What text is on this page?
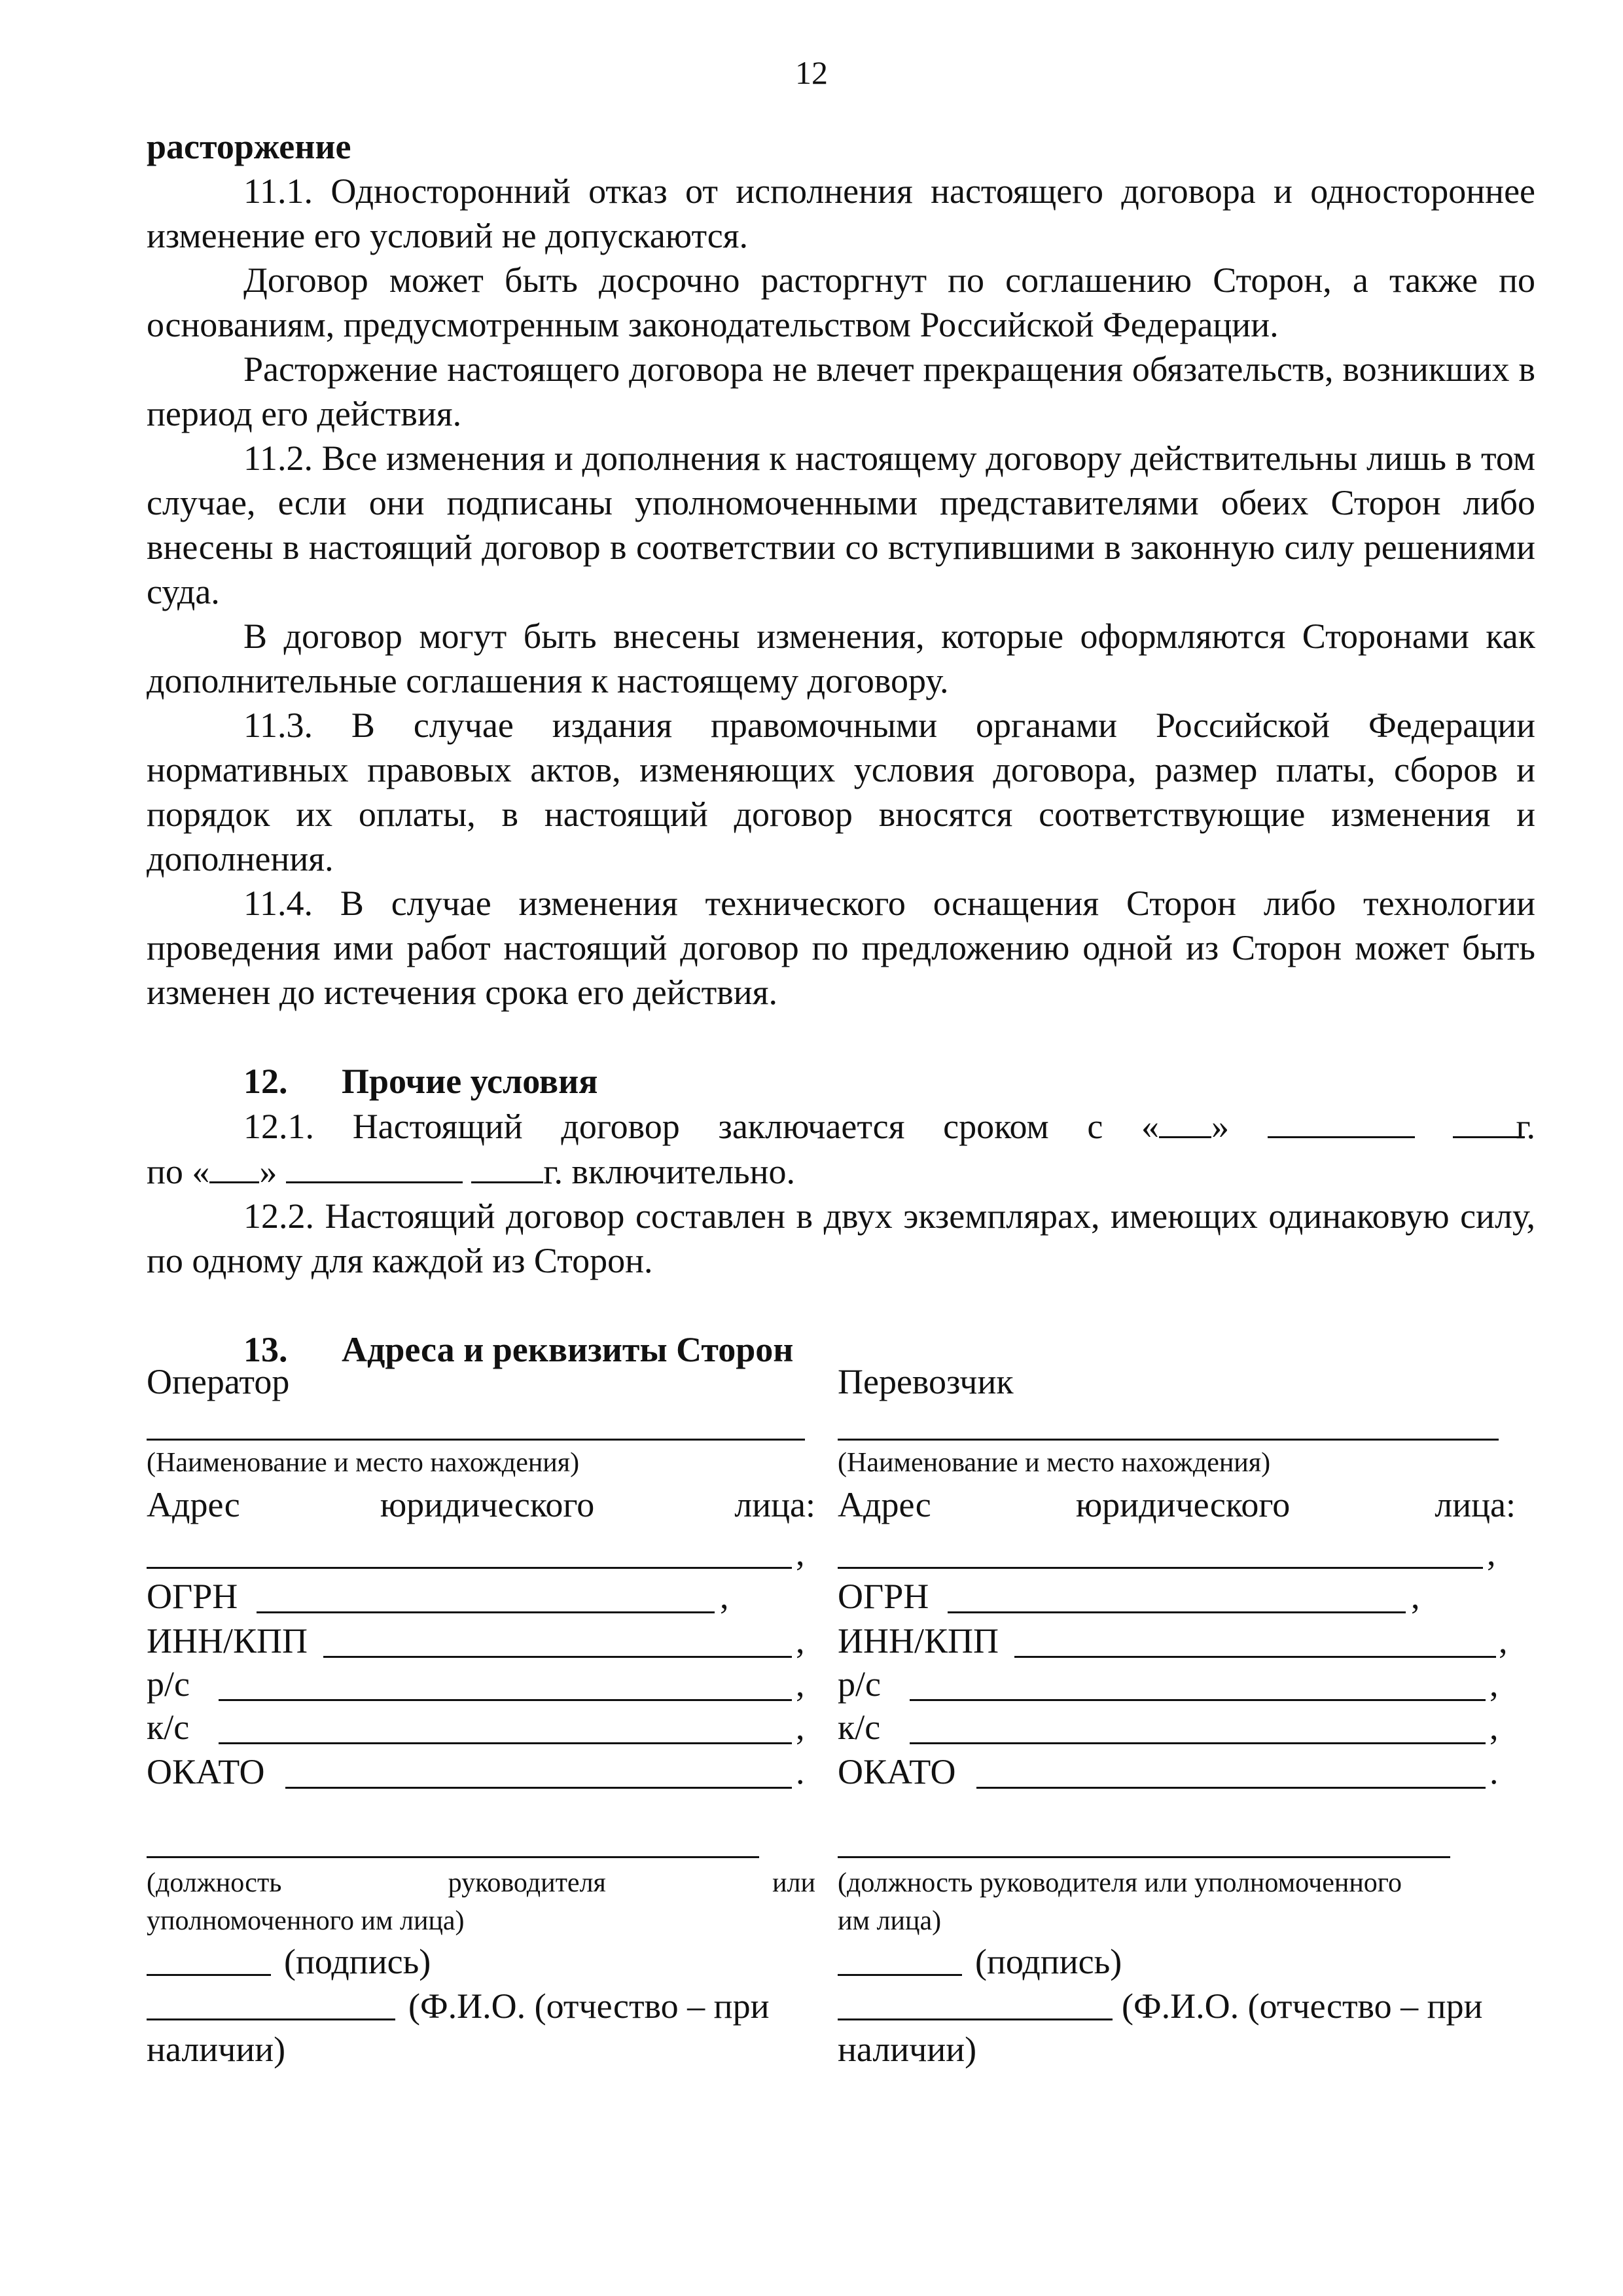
12

расторжение

11.1. Односторонний отказ от исполнения настоящего договора и одностороннее изменение его условий не допускаются.

Договор может быть досрочно расторгнут по соглашению Сторон, а также по основаниям, предусмотренным законодательством Российской Федерации.

Расторжение настоящего договора не влечет прекращения обязательств, возникших в период его действия.

11.2. Все изменения и дополнения к настоящему договору действительны лишь в том случае, если они подписаны уполномоченными представителями обеих Сторон либо внесены в настоящий договор в соответствии со вступившими в законную силу решениями суда.

В договор могут быть внесены изменения, которые оформляются Сторонами как дополнительные соглашения к настоящему договору.

11.3. В случае издания правомочными органами Российской Федерации нормативных правовых актов, изменяющих условия договора, размер платы, сборов и порядок их оплаты, в настоящий договор вносятся соответствующие изменения и дополнения.

11.4. В случае изменения технического оснащения Сторон либо технологии проведения ими работ настоящий договор по предложению одной из Сторон может быть изменен до истечения срока его действия.

12. Прочие условия

12.1. Настоящий договор заключается сроком с « »	г.

по « »	г. включительно.

12.2. Настоящий договор составлен в двух экземплярах, имеющих одинаковую силу, по одному для каждой из Сторон.

13. Адреса и реквизиты Сторон
Оператор
(Наименование и место нахождения)
Адрес	юридического	лица:
,
ОГРН	,
ИНН/КПП	,
р/с	,
к/с	,
ОКАТО	.
(должность	руководителя	или
уполномоченного им лица)
(подпись)
(Ф.И.О. (отчество – при
наличии)
Перевозчик
(Наименование и место нахождения)
Адрес	юридического	лица:
,
ОГРН	,
ИНН/КПП	,
р/с	,
к/с	,
ОКАТО	.
(должность руководителя или уполномоченного
им лица)
(подпись)
(Ф.И.О. (отчество – при
наличии)
